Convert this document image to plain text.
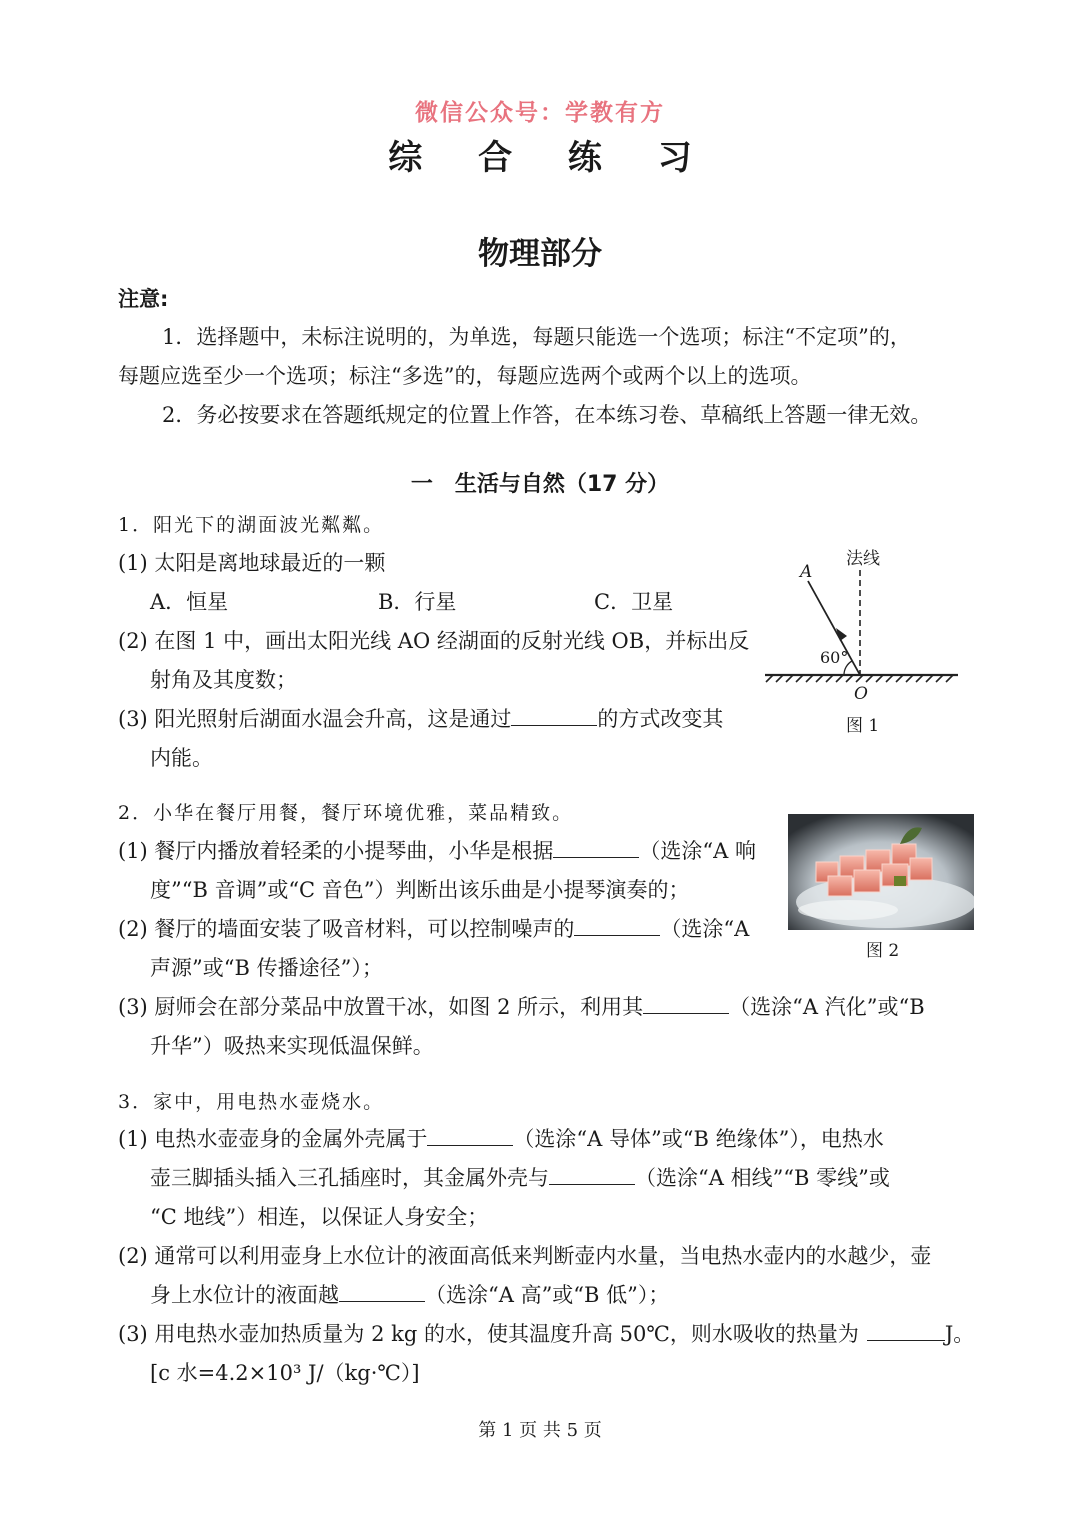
微信公众号：学教有方
综 合 练 习
物理部分
注意:
1．选择题中，未标注说明的，为单选，每题只能选一个选项；标注“不定项”的，
每题应选至少一个选项；标注“多选”的，每题应选两个或两个以上的选项。
2．务必按要求在答题纸规定的位置上作答，在本练习卷、草稿纸上答题一律无效。
一　生活与自然（17 分）
1．阳光下的湖面波光粼粼。
(1) 太阳是离地球最近的一颗
A．恒星	B．行星	C．卫星
(2) 在图 1 中，画出太阳光线 AO 经湖面的反射光线 OB，并标出反
射角及其度数；
(3) 阳光照射后湖面水温会升高，这是通过	的方式改变其
内能。
法线
A
60°
O
图 1
2．小华在餐厅用餐，餐厅环境优雅，菜品精致。
(1) 餐厅内播放着轻柔的小提琴曲，小华是根据	（选涂“A 响
度”“B 音调”或“C 音色”）判断出该乐曲是小提琴演奏的；
(2) 餐厅的墙面安装了吸音材料，可以控制噪声的	（选涂“A
声源”或“B 传播途径”）；
(3) 厨师会在部分菜品中放置干冰，如图 2 所示，利用其	（选涂“A 汽化”或“B
升华”）吸热来实现低温保鲜。
图 2
3．家中，用电热水壶烧水。
(1) 电热水壶壶身的金属外壳属于	（选涂“A 导体”或“B 绝缘体”），电热水
壶三脚插头插入三孔插座时，其金属外壳与	（选涂“A 相线”“B 零线”或
“C 地线”）相连，以保证人身安全；
(2) 通常可以利用壶身上水位计的液面高低来判断壶内水量，当电热水壶内的水越少，壶
身上水位计的液面越	（选涂“A 高”或“B 低”）；
(3) 用电热水壶加热质量为 2 kg 的水，使其温度升高 50℃，则水吸收的热量为	J。
[c 水=4.2×10³ J/（kg·℃）]
第 1 页 共 5 页
